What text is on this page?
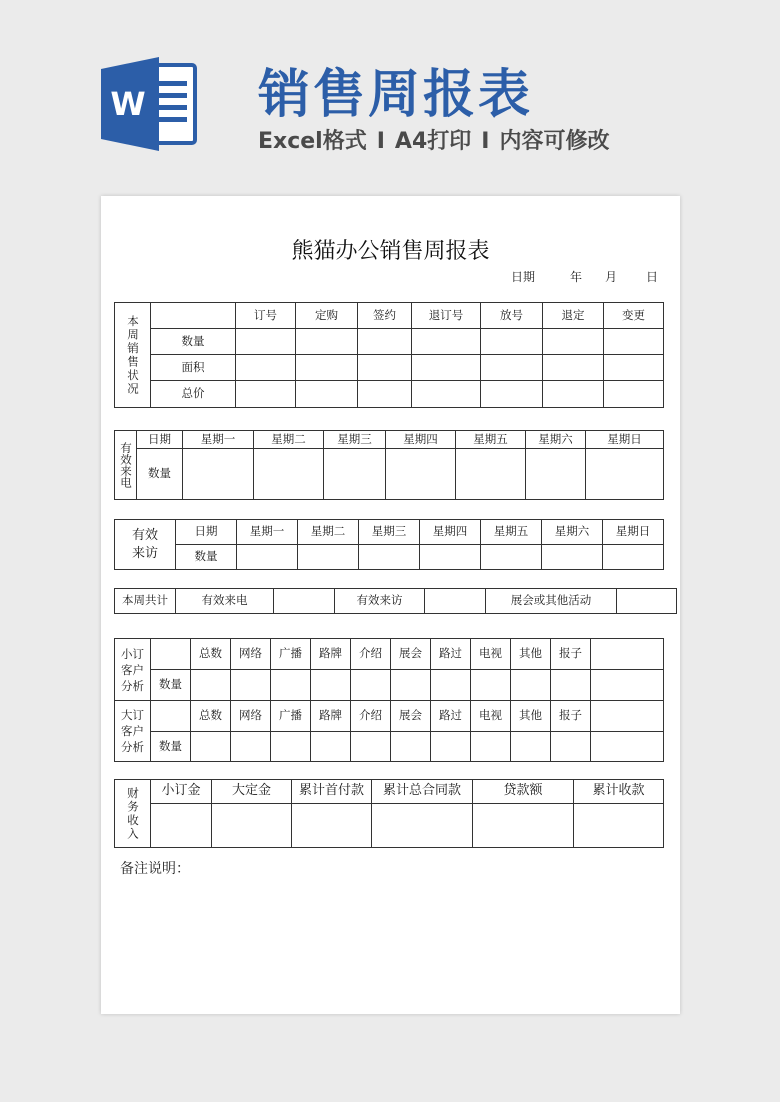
W 销售周报表
Excel格式 I A4打印 I 内容可修改
熊猫办公销售周报表
日期	年 月 日
本周销售状况		订号	定购	签约	退订号	放号	退定	变更
	数量							
	面积							
	总价							
有效来电	日期	星期一	星期二	星期三	星期四	星期五	星期六	星期日
	数量							
有效
来访	日期	星期一	星期二	星期三	星期四	星期五	星期六	星期日
	数量							
本周共计	有效来电		有效来访		展会或其他活动	
小订
客户
分析		总数	网络	广播	路牌	介绍	展会	路过	电视	其他	报子	
	数量											
大订
客户
分析		总数	网络	广播	路牌	介绍	展会	路过	电视	其他	报子	
	数量											
财务收入	小订金	大定金	累计首付款	累计总合同款	贷款额	累计收款

备注说明：
